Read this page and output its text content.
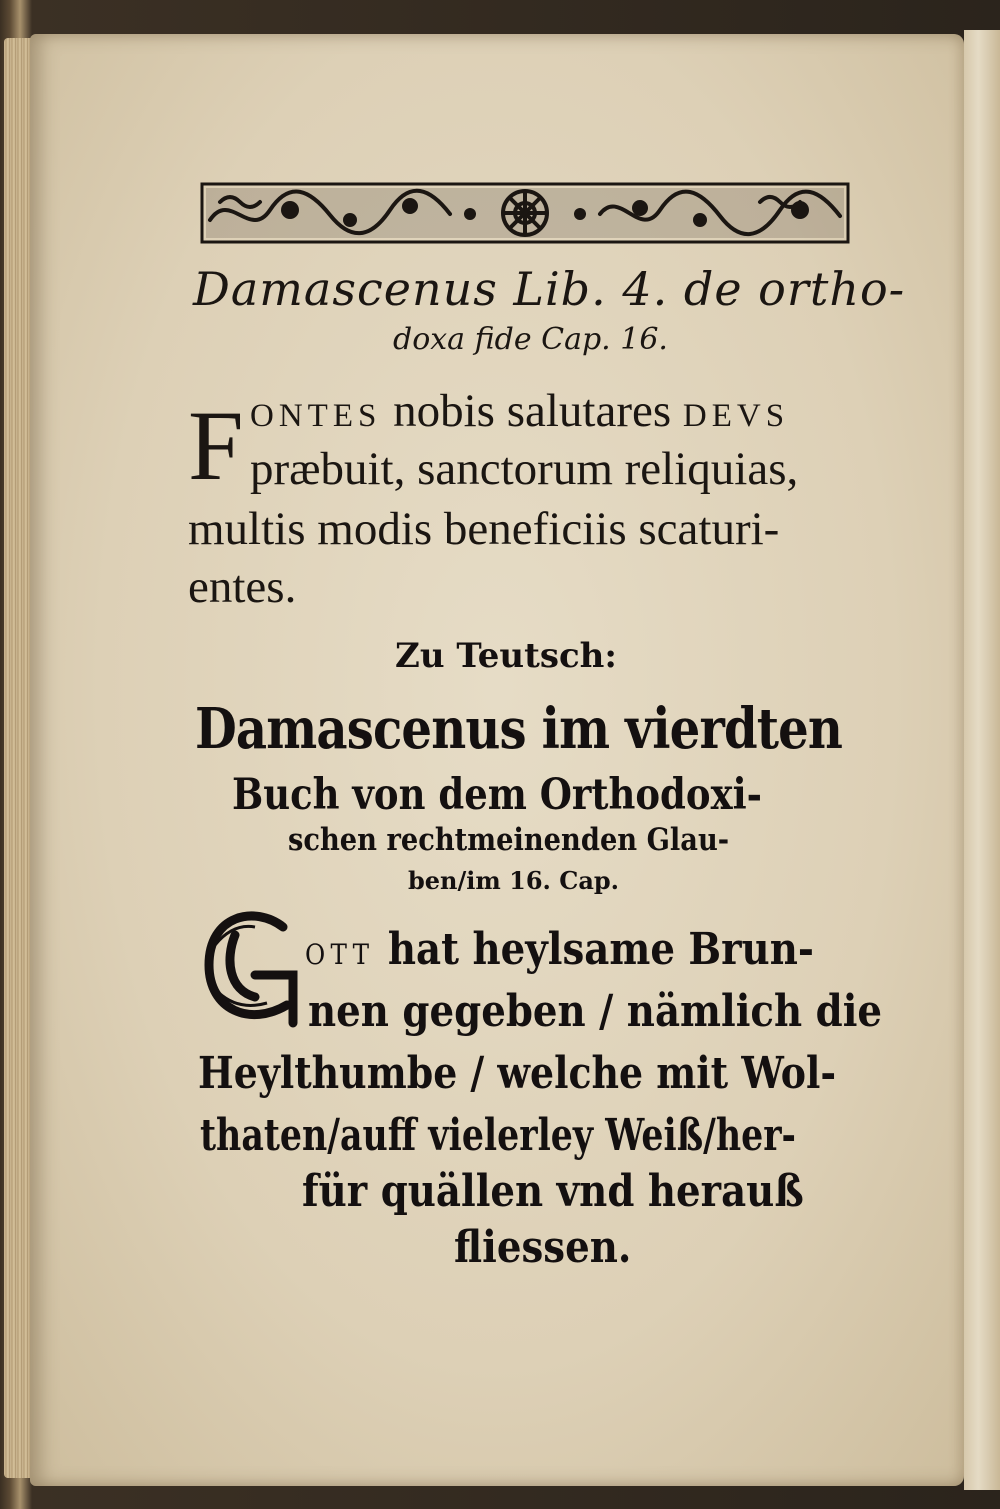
Damascenus Lib. 4. de ortho-
doxa fide Cap. 16.
F ONTES nobis salutares DEVS
præbuit, sanctorum reliquias,
multis modis beneficiis scaturi-
entes.
Zu Teutsch:
Damascenus im vierdten
Buch von dem Orthodoxi-
schen rechtmeinenden Glau-
ben/im 16. Cap.
OTT hat heylsame Brun-
nen gegeben / nämlich die
Heylthumbe / welche mit Wol-
thaten/auff vielerley Weiß/her-
für quällen vnd herauß
fliessen.
